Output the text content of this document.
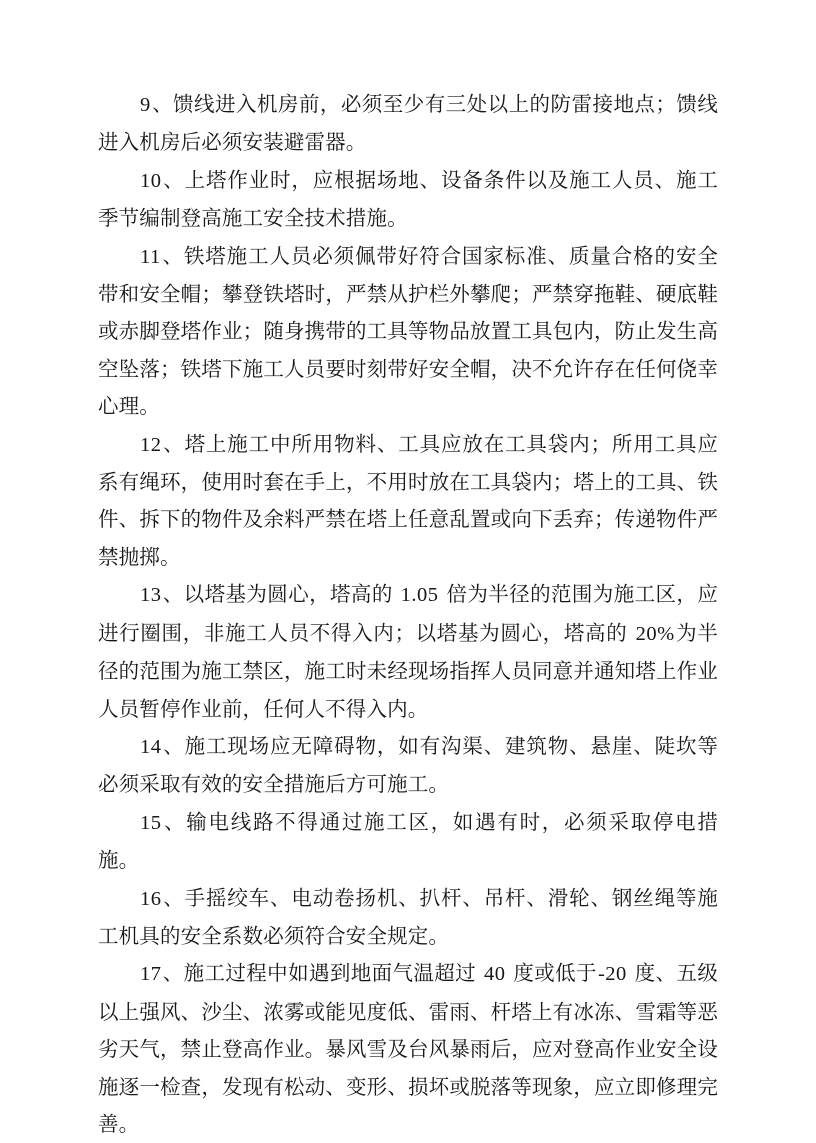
9、馈线进入机房前，必须至少有三处以上的防雷接地点；馈线进入机房后必须安装避雷器。

10、上塔作业时，应根据场地、设备条件以及施工人员、施工季节编制登高施工安全技术措施。

11、铁塔施工人员必须佩带好符合国家标准、质量合格的安全带和安全帽；攀登铁塔时，严禁从护栏外攀爬；严禁穿拖鞋、硬底鞋或赤脚登塔作业；随身携带的工具等物品放置工具包内，防止发生高空坠落；铁塔下施工人员要时刻带好安全帽，决不允许存在任何侥幸心理。

12、塔上施工中所用物料、工具应放在工具袋内；所用工具应系有绳环，使用时套在手上，不用时放在工具袋内；塔上的工具、铁件、拆下的物件及余料严禁在塔上任意乱置或向下丢弃；传递物件严禁抛掷。

13、以塔基为圆心，塔高的 1.05 倍为半径的范围为施工区，应进行圈围，非施工人员不得入内；以塔基为圆心，塔高的 20%为半径的范围为施工禁区，施工时未经现场指挥人员同意并通知塔上作业人员暂停作业前，任何人不得入内。

14、施工现场应无障碍物，如有沟渠、建筑物、悬崖、陡坎等必须采取有效的安全措施后方可施工。

15、输电线路不得通过施工区，如遇有时，必须采取停电措施。

16、手摇绞车、电动卷扬机、扒杆、吊杆、滑轮、钢丝绳等施工机具的安全系数必须符合安全规定。

17、施工过程中如遇到地面气温超过 40 度或低于-20 度、五级以上强风、沙尘、浓雾或能见度低、雷雨、杆塔上有冰冻、雪霜等恶劣天气，禁止登高作业。暴风雪及台风暴雨后，应对登高作业安全设施逐一检查，发现有松动、变形、损坏或脱落等现象，应立即修理完善。
